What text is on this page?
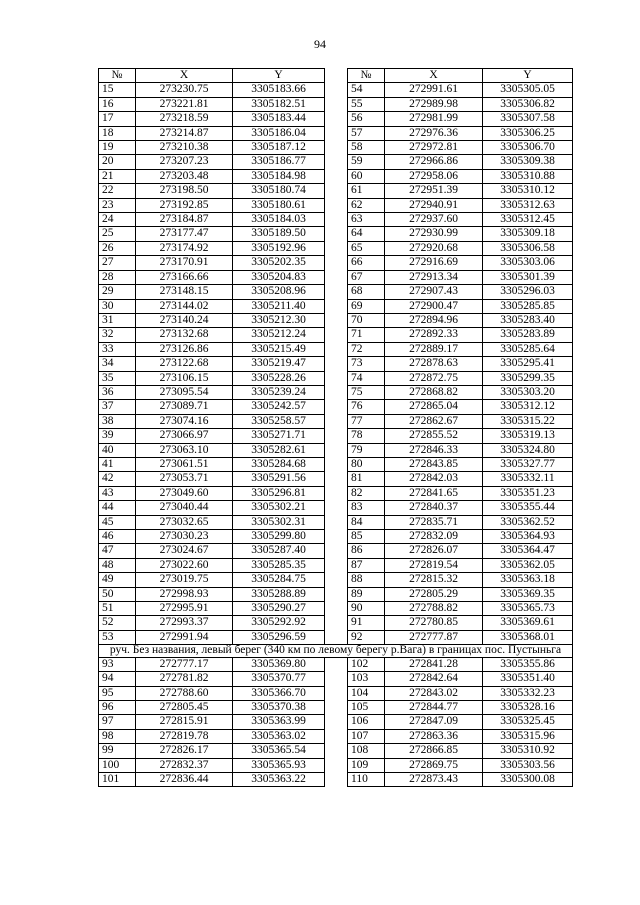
94
№	X	Y		№	X	Y
15	273230.75	3305183.66		54	272991.61	3305305.05
16	273221.81	3305182.51		55	272989.98	3305306.82
17	273218.59	3305183.44		56	272981.99	3305307.58
18	273214.87	3305186.04		57	272976.36	3305306.25
19	273210.38	3305187.12		58	272972.81	3305306.70
20	273207.23	3305186.77		59	272966.86	3305309.38
21	273203.48	3305184.98		60	272958.06	3305310.88
22	273198.50	3305180.74		61	272951.39	3305310.12
23	273192.85	3305180.61		62	272940.91	3305312.63
24	273184.87	3305184.03		63	272937.60	3305312.45
25	273177.47	3305189.50		64	272930.99	3305309.18
26	273174.92	3305192.96		65	272920.68	3305306.58
27	273170.91	3305202.35		66	272916.69	3305303.06
28	273166.66	3305204.83		67	272913.34	3305301.39
29	273148.15	3305208.96		68	272907.43	3305296.03
30	273144.02	3305211.40		69	272900.47	3305285.85
31	273140.24	3305212.30		70	272894.96	3305283.40
32	273132.68	3305212.24		71	272892.33	3305283.89
33	273126.86	3305215.49		72	272889.17	3305285.64
34	273122.68	3305219.47		73	272878.63	3305295.41
35	273106.15	3305228.26		74	272872.75	3305299.35
36	273095.54	3305239.24		75	272868.82	3305303.20
37	273089.71	3305242.57		76	272865.04	3305312.12
38	273074.16	3305258.57		77	272862.67	3305315.22
39	273066.97	3305271.71		78	272855.52	3305319.13
40	273063.10	3305282.61		79	272846.33	3305324.80
41	273061.51	3305284.68		80	272843.85	3305327.77
42	273053.71	3305291.56		81	272842.03	3305332.11
43	273049.60	3305296.81		82	272841.65	3305351.23
44	273040.44	3305302.21		83	272840.37	3305355.44
45	273032.65	3305302.31		84	272835.71	3305362.52
46	273030.23	3305299.80		85	272832.09	3305364.93
47	273024.67	3305287.40		86	272826.07	3305364.47
48	273022.60	3305285.35		87	272819.54	3305362.05
49	273019.75	3305284.75		88	272815.32	3305363.18
50	272998.93	3305288.89		89	272805.29	3305369.35
51	272995.91	3305290.27		90	272788.82	3305365.73
52	272993.37	3305292.92		91	272780.85	3305369.61
53	272991.94	3305296.59		92	272777.87	3305368.01
руч. Без названия, левый берег (340 км по левому берегу р.Вага) в границах пос. Пустыньга						
93	272777.17	3305369.80		102	272841.28	3305355.86
94	272781.82	3305370.77		103	272842.64	3305351.40
95	272788.60	3305366.70		104	272843.02	3305332.23
96	272805.45	3305370.38		105	272844.77	3305328.16
97	272815.91	3305363.99		106	272847.09	3305325.45
98	272819.78	3305363.02		107	272863.36	3305315.96
99	272826.17	3305365.54		108	272866.85	3305310.92
100	272832.37	3305365.93		109	272869.75	3305303.56
101	272836.44	3305363.22		110	272873.43	3305300.08
